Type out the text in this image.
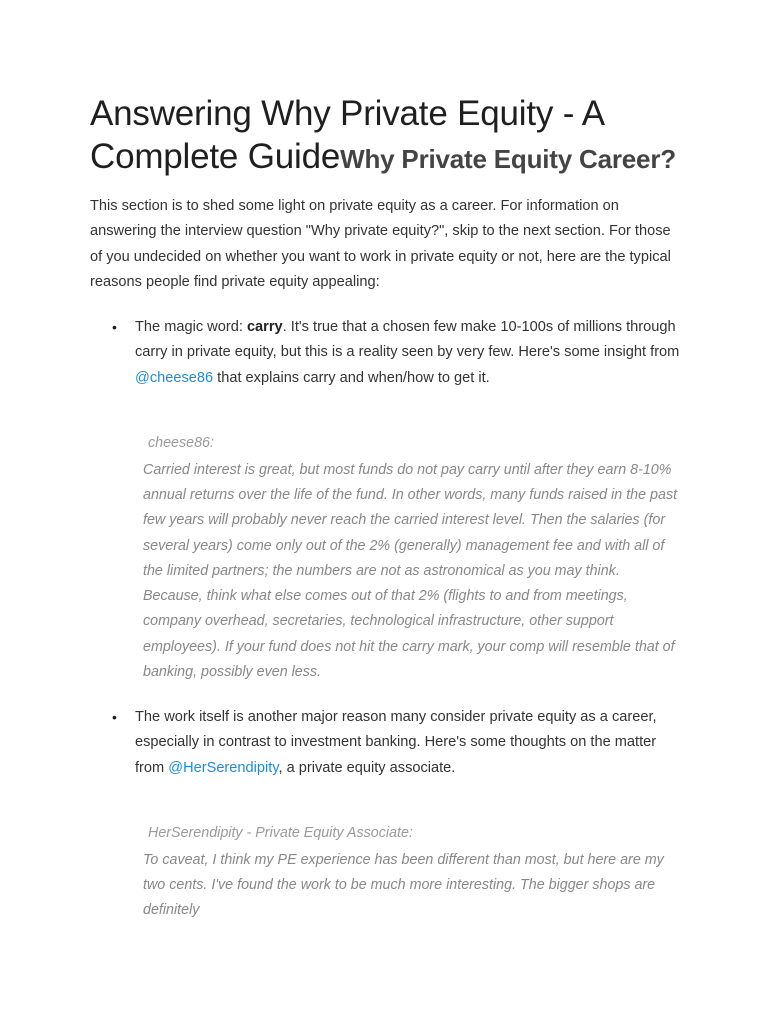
Answering Why Private Equity - A Complete GuideWhy Private Equity Career?

This section is to shed some light on private equity as a career. For information on answering the interview question "Why private equity?", skip to the next section. For those of you undecided on whether you want to work in private equity or not, here are the typical reasons people find private equity appealing:

• The magic word: carry. It's true that a chosen few make 10-100s of millions through carry in private equity, but this is a reality seen by very few. Here's some insight from @cheese86 that explains carry and when/how to get it.
cheese86:
Carried interest is great, but most funds do not pay carry until after they earn 8-10% annual returns over the life of the fund. In other words, many funds raised in the past few years will probably never reach the carried interest level. Then the salaries (for several years) come only out of the 2% (generally) management fee and with all of the limited partners; the numbers are not as astronomical as you may think. Because, think what else comes out of that 2% (flights to and from meetings, company overhead, secretaries, technological infrastructure, other support employees). If your fund does not hit the carry mark, your comp will resemble that of banking, possibly even less.
• The work itself is another major reason many consider private equity as a career, especially in contrast to investment banking. Here's some thoughts on the matter from @HerSerendipity, a private equity associate.
HerSerendipity - Private Equity Associate:
To caveat, I think my PE experience has been different than most, but here are my two cents. I've found the work to be much more interesting. The bigger shops are definitely
